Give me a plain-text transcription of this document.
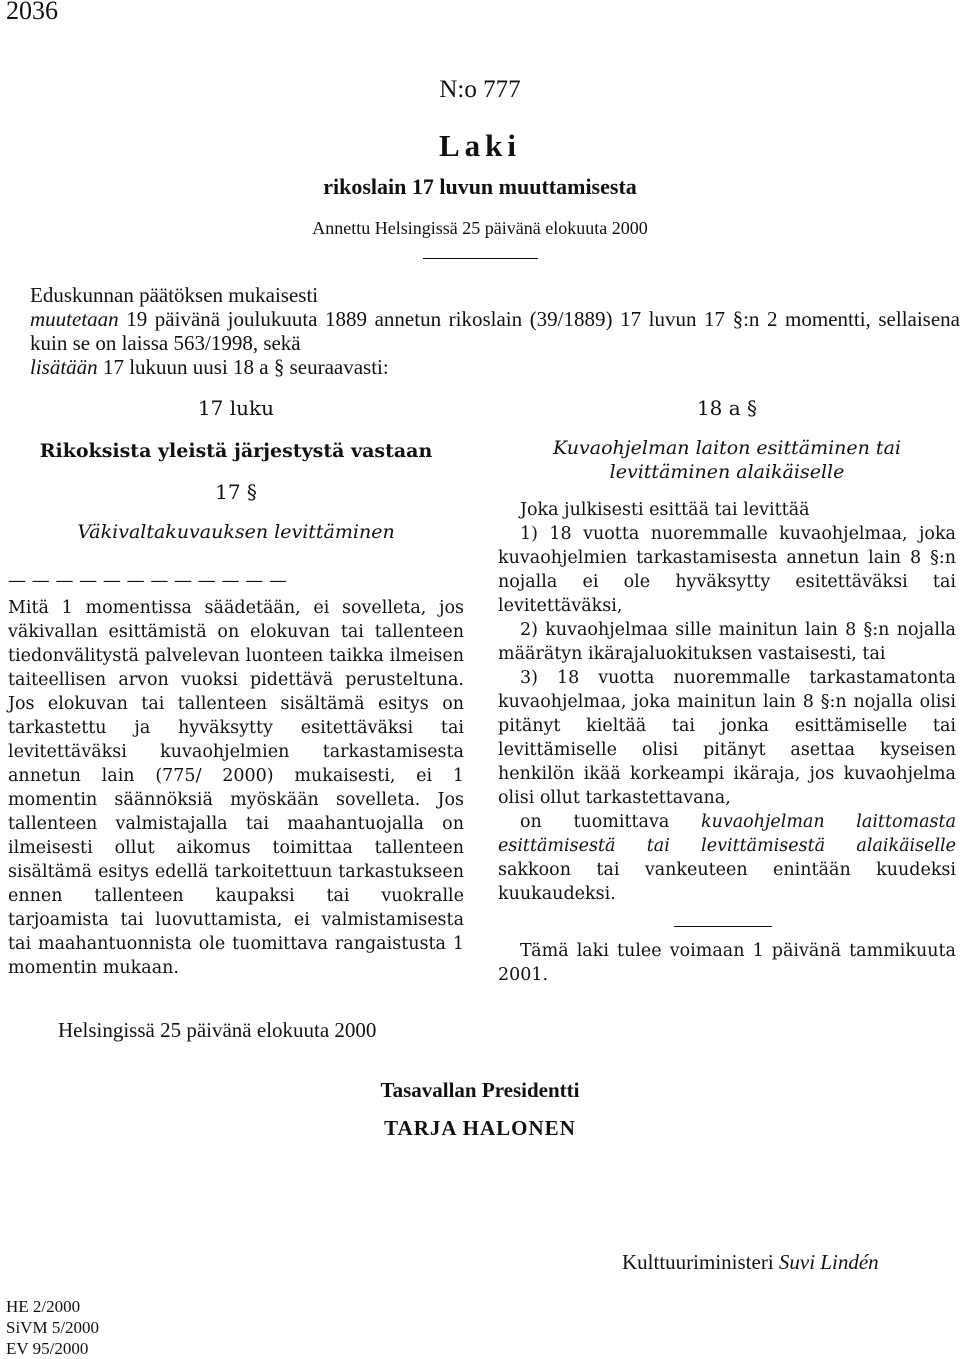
2036
N:o 777
Laki
rikoslain 17 luvun muuttamisesta
Annettu Helsingissä 25 päivänä elokuuta 2000

Eduskunnan päätöksen mukaisesti

muutetaan 19 päivänä joulukuuta 1889 annetun rikoslain (39/1889) 17 luvun 17 §:n 2 momentti, sellaisena kuin se on laissa 563/1998, sekä

lisätään 17 lukuun uusi 18 a § seuraavasti:

17 luku
Rikoksista yleistä järjestystä vastaan
17 §
Väkivaltakuvauksen levittäminen
— — — — — — — — — — — —

Mitä 1 momentissa säädetään, ei sovelleta, jos väkivallan esittämistä on elokuvan tai tallenteen tiedonvälitystä palvelevan luonteen taikka ilmeisen taiteellisen arvon vuoksi pidettävä perusteltuna. Jos elokuvan tai tallenteen sisältämä esitys on tarkastettu ja hyväksytty esitettäväksi tai levitettäväksi kuvaohjelmien tarkastamisesta annetun lain (775/ 2000) mukaisesti, ei 1 momentin säännöksiä myöskään sovelleta. Jos tallenteen valmistajalla tai maahantuojalla on ilmeisesti ollut aikomus toimittaa tallenteen sisältämä esitys edellä tarkoitettuun tarkastukseen ennen tallenteen kaupaksi tai vuokralle tarjoamista tai luovuttamista, ei valmistamisesta tai maahantuonnista ole tuomittava rangaistusta 1 momentin mukaan.

18 a §
Kuvaohjelman laiton esittäminen tai levittäminen alaikäiselle

Joka julkisesti esittää tai levittää

1) 18 vuotta nuoremmalle kuvaohjelmaa, joka kuvaohjelmien tarkastamisesta annetun lain 8 §:n nojalla ei ole hyväksytty esitettäväksi tai levitettäväksi,

2) kuvaohjelmaa sille mainitun lain 8 §:n nojalla määrätyn ikärajaluokituksen vastaisesti, tai

3) 18 vuotta nuoremmalle tarkastamatonta kuvaohjelmaa, joka mainitun lain 8 §:n nojalla olisi pitänyt kieltää tai jonka esittämiselle tai levittämiselle olisi pitänyt asettaa kyseisen henkilön ikää korkeampi ikäraja, jos kuvaohjelma olisi ollut tarkastettavana,

on tuomittava kuvaohjelman laittomasta esittämisestä tai levittämisestä alaikäiselle sakkoon tai vankeuteen enintään kuudeksi kuukaudeksi.

Tämä laki tulee voimaan 1 päivänä tammikuuta 2001.

Helsingissä 25 päivänä elokuuta 2000
Tasavallan Presidentti
TARJA HALONEN
Kulttuuriministeri Suvi Lindén
HE 2/2000
SiVM 5/2000
EV 95/2000
